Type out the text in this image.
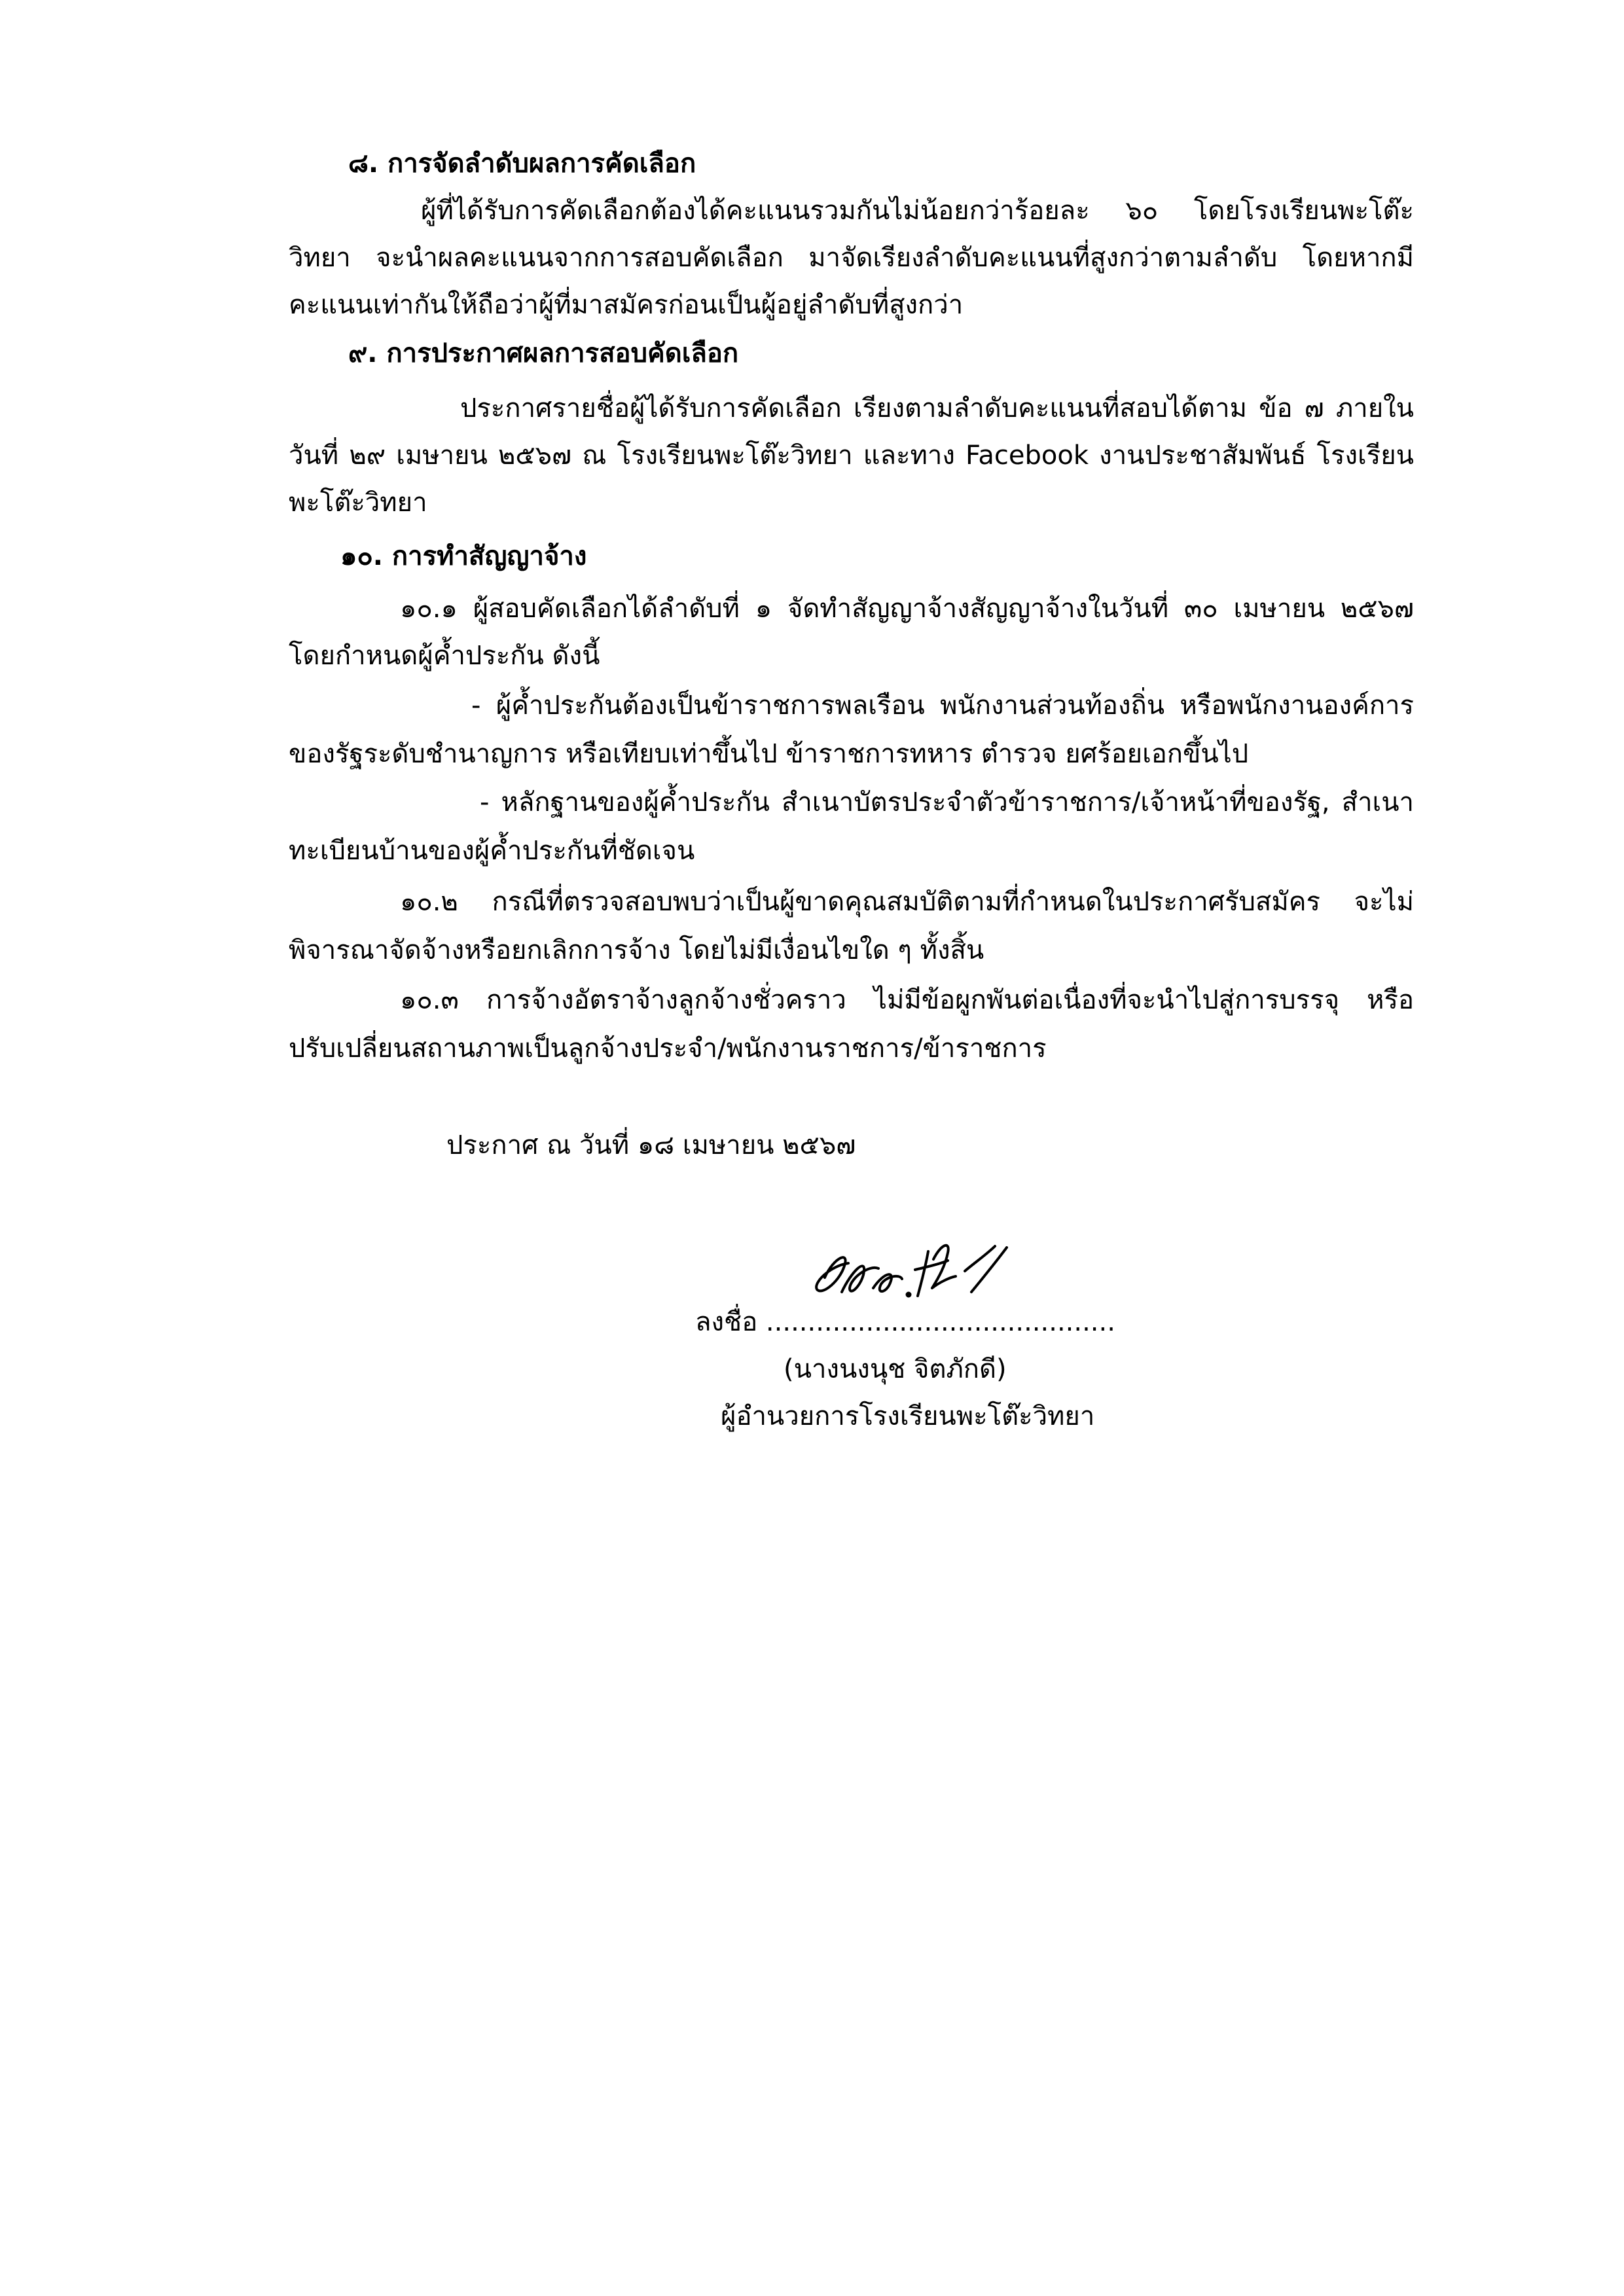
๘. การจัดลำดับผลการคัดเลือก
ผู้ที่ได้รับการคัดเลือกต้องได้คะแนนรวมกันไม่น้อยกว่าร้อยละ ๖๐ โดยโรงเรียนพะโต๊ะ
วิทยา จะนำผลคะแนนจากการสอบคัดเลือก มาจัดเรียงลำดับคะแนนที่สูงกว่าตามลำดับ โดยหากมี
คะแนนเท่ากันให้ถือว่าผู้ที่มาสมัครก่อนเป็นผู้อยู่ลำดับที่สูงกว่า
๙. การประกาศผลการสอบคัดเลือก
ประกาศรายชื่อผู้ได้รับการคัดเลือก เรียงตามลำดับคะแนนที่สอบได้ตาม ข้อ ๗ ภายใน
วันที่ ๒๙ เมษายน ๒๕๖๗ ณ โรงเรียนพะโต๊ะวิทยา และทาง Facebook งานประชาสัมพันธ์ โรงเรียน
พะโต๊ะวิทยา
๑๐. การทำสัญญาจ้าง
๑๐.๑ ผู้สอบคัดเลือกได้ลำดับที่ ๑ จัดทำสัญญาจ้างสัญญาจ้างในวันที่ ๓๐ เมษายน ๒๕๖๗
โดยกำหนดผู้ค้ำประกัน ดังนี้
- ผู้ค้ำประกันต้องเป็นข้าราชการพลเรือน พนักงานส่วนท้องถิ่น หรือพนักงานองค์การ
ของรัฐระดับชำนาญการ หรือเทียบเท่าขึ้นไป ข้าราชการทหาร ตำรวจ ยศร้อยเอกขึ้นไป
- หลักฐานของผู้ค้ำประกัน สำเนาบัตรประจำตัวข้าราชการ/เจ้าหน้าที่ของรัฐ, สำเนา
ทะเบียนบ้านของผู้ค้ำประกันที่ชัดเจน
๑๐.๒ กรณีที่ตรวจสอบพบว่าเป็นผู้ขาดคุณสมบัติตามที่กำหนดในประกาศรับสมัคร จะไม่
พิจารณาจัดจ้างหรือยกเลิกการจ้าง โดยไม่มีเงื่อนไขใด ๆ ทั้งสิ้น
๑๐.๓ การจ้างอัตราจ้างลูกจ้างชั่วคราว ไม่มีข้อผูกพันต่อเนื่องที่จะนำไปสู่การบรรจุ หรือ
ปรับเปลี่ยนสถานภาพเป็นลูกจ้างประจำ/พนักงานราชการ/ข้าราชการ
ประกาศ ณ วันที่ ๑๘ เมษายน ๒๕๖๗
ลงชื่อ ..........................................
(นางนงนุช จิตภักดี)
ผู้อำนวยการโรงเรียนพะโต๊ะวิทยา
